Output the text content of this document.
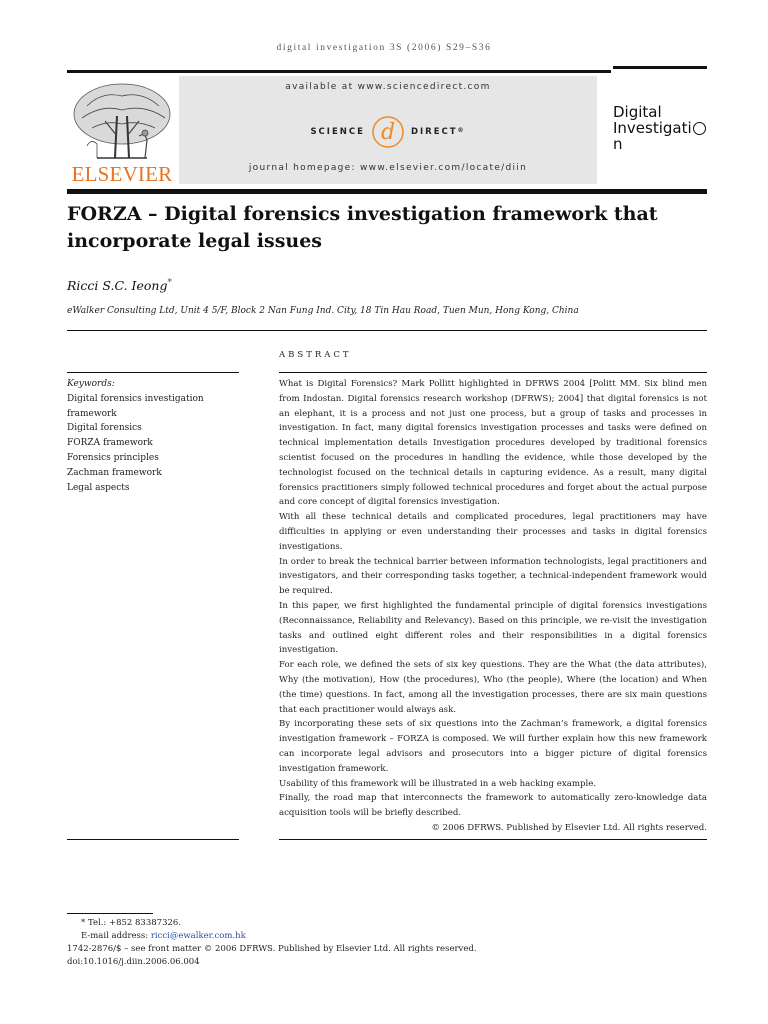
digital investigation 3S (2006) S29–S36
ELSEVIER
available at www.sciencedirect.com
SCIENCE d DIRECT®
journal homepage: www.elsevier.com/locate/diin
Digital
Investigatin
FORZA – Digital forensics investigation framework that incorporate legal issues
Ricci S.C. Ieong*
eWalker Consulting Ltd, Unit 4 5/F, Block 2 Nan Fung Ind. City, 18 Tin Hau Road, Tuen Mun, Hong Kong, China
ABSTRACT
Keywords:
Digital forensics investigation framework
Digital forensics
FORZA framework
Forensics principles
Zachman framework
Legal aspects

What is Digital Forensics? Mark Pollitt highlighted in DFRWS 2004 [Politt MM. Six blind men from Indostan. Digital forensics research workshop (DFRWS); 2004] that digital forensics is not an elephant, it is a process and not just one process, but a group of tasks and processes in investigation. In fact, many digital forensics investigation processes and tasks were defined on technical implementation details Investigation procedures developed by traditional forensics scientist focused on the procedures in handling the evidence, while those developed by the technologist focused on the technical details in capturing evidence. As a result, many digital forensics practitioners simply followed technical procedures and forget about the actual purpose and core concept of digital forensics investigation.

With all these technical details and complicated procedures, legal practitioners may have difficulties in applying or even understanding their processes and tasks in digital forensics investigations.

In order to break the technical barrier between information technologists, legal practitioners and investigators, and their corresponding tasks together, a technical-independent framework would be required.

In this paper, we first highlighted the fundamental principle of digital forensics investigations (Reconnaissance, Reliability and Relevancy). Based on this principle, we re-visit the investigation tasks and outlined eight different roles and their responsibilities in a digital forensics investigation.

For each role, we defined the sets of six key questions. They are the What (the data attributes), Why (the motivation), How (the procedures), Who (the people), Where (the location) and When (the time) questions. In fact, among all the investigation processes, there are six main questions that each practitioner would always ask.

By incorporating these sets of six questions into the Zachman’s framework, a digital forensics investigation framework – FORZA is composed. We will further explain how this new framework can incorporate legal advisors and prosecutors into a bigger picture of digital forensics investigation framework.

Usability of this framework will be illustrated in a web hacking example.

Finally, the road map that interconnects the framework to automatically zero-knowledge data acquisition tools will be briefly described.

© 2006 DFRWS. Published by Elsevier Ltd. All rights reserved.

* Tel.: +852 83387326.
E-mail address: ricci@ewalker.com.hk
1742-2876/$ – see front matter © 2006 DFRWS. Published by Elsevier Ltd. All rights reserved.
doi:10.1016/j.diin.2006.06.004
